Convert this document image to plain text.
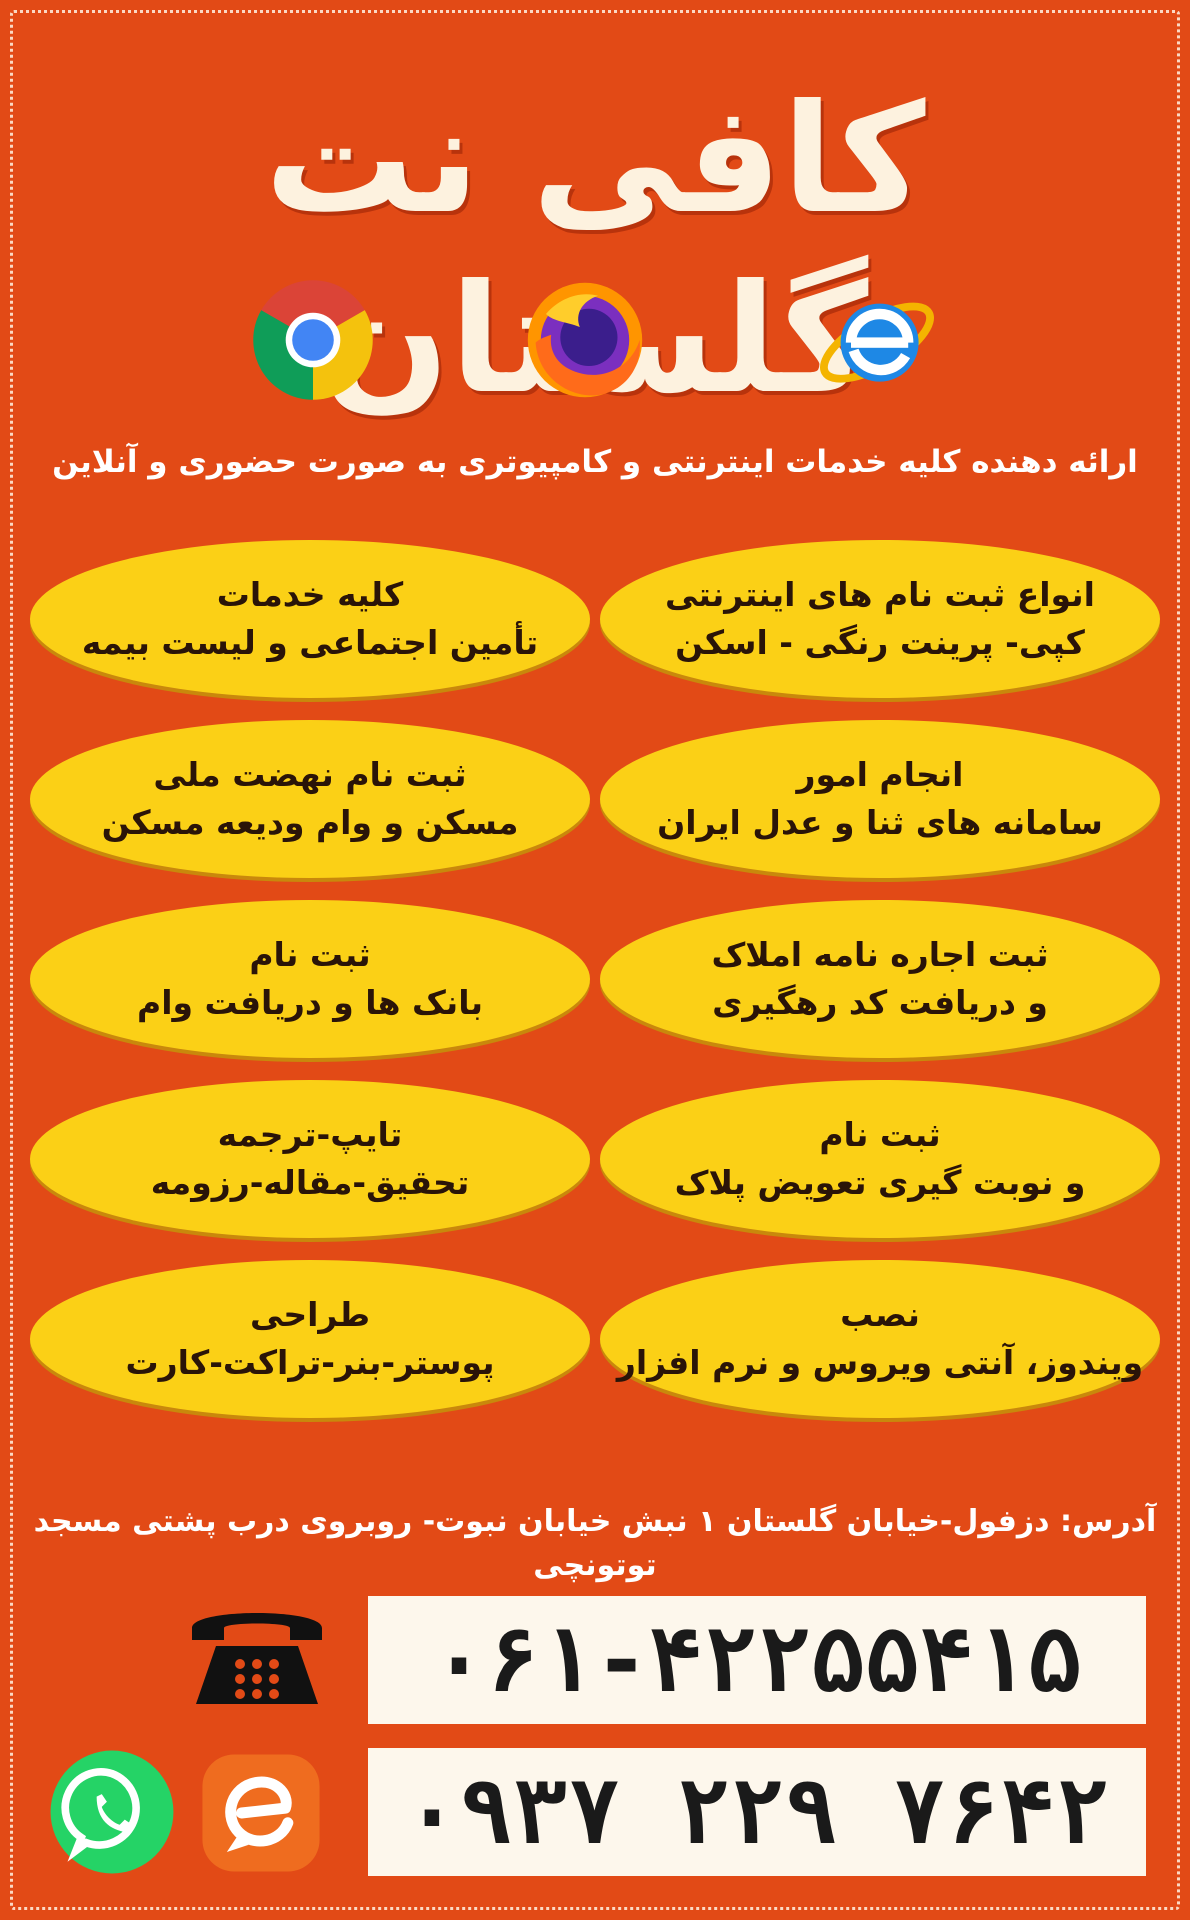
کافی نت
ارائه دهنده کلیه خدمات اینترنتی و کامپیوتری به صورت حضوری و آنلاین
انواع ثبت نام های اینترنتی
کپی- پرینت رنگی - اسکن
کلیه خدمات
تأمین اجتماعی و لیست بیمه
انجام امور
سامانه های ثنا و عدل ایران
ثبت نام نهضت ملی
مسکن و وام ودیعه مسکن
ثبت اجاره نامه املاک
و دریافت کد رهگیری
ثبت نام
بانک ها و دریافت وام
ثبت نام
و نوبت گیری تعویض پلاک
تایپ-ترجمه
تحقیق-مقاله-رزومه
نصب
ویندوز، آنتی ویروس و نرم افزار
طراحی
پوستر-بنر-تراکت-کارت
آدرس: دزفول-خیابان گلستان ۱ نبش خیابان نبوت- روبروی درب پشتی مسجد توتونچی
۰۶۱-۴۲۲۵۵۴۱۵
۰۹۳۷ ۲۲۹ ۷۶۴۲
